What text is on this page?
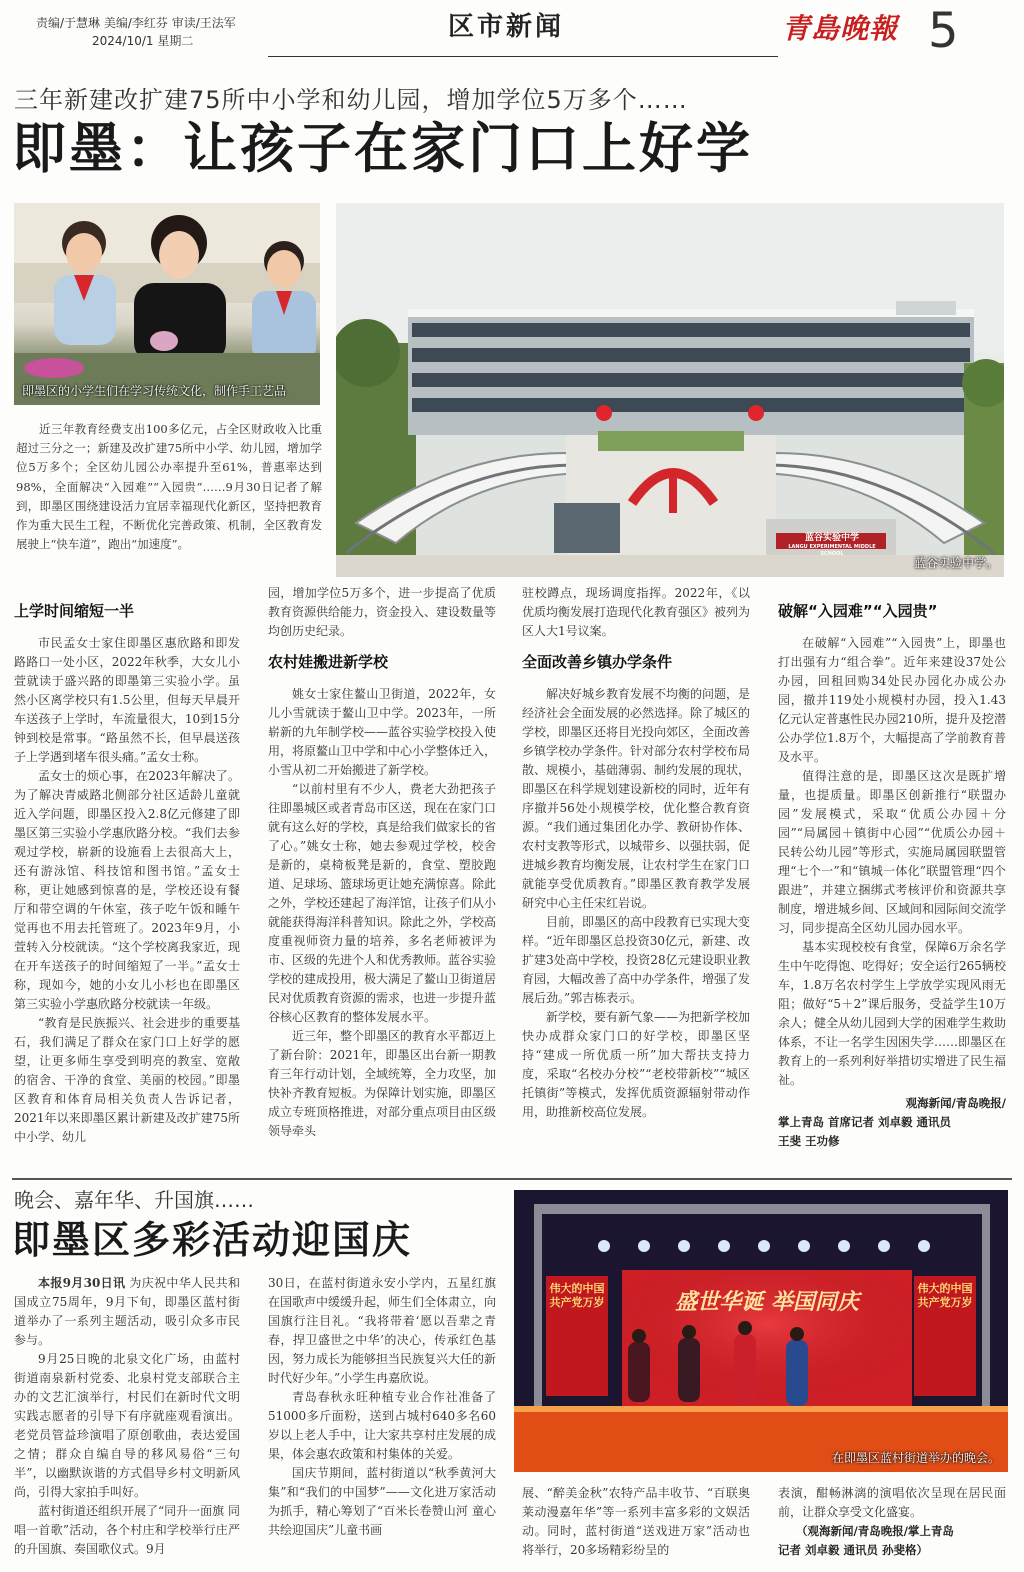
责编/于慧琳 美编/李红芬 审读/王法军
2024/10/1 星期二	区市新闻	青島晚報 5
三年新建改扩建75所中小学和幼儿园，增加学位5万多个……
即墨：让孩子在家门口上好学
即墨区的小学生们在学习传统文化，制作手工艺品
蓝谷实验中学
LANGU EXPERIMENTAL MIDDLE SCHOOL
蓝谷实验中学。
近三年教育经费支出100多亿元，占全区财政收入比重超过三分之一；新建及改扩建75所中小学、幼儿园，增加学位5万多个；全区幼儿园公办率提升至61%，普惠率达到98%，全面解决“入园难”“入园贵”……9月30日记者了解到，即墨区围绕建设活力宜居幸福现代化新区，坚持把教育作为重大民生工程，不断优化完善政策、机制，全区教育发展驶上“快车道”，跑出“加速度”。
上学时间缩短一半

市民孟女士家住即墨区惠欣路和即发路路口一处小区，2022年秋季，大女儿小萱就读于盛兴路的即墨第三实验小学。虽然小区离学校只有1.5公里，但每天早晨开车送孩子上学时，车流量很大，10到15分钟到校是常事。“路虽然不长，但早晨送孩子上学遇到堵车很头痛。”孟女士称。

孟女士的烦心事，在2023年解决了。为了解决青威路北侧部分社区适龄儿童就近入学问题，即墨区投入2.8亿元修建了即墨区第三实验小学惠欣路分校。“我们去参观过学校，崭新的设施看上去很高大上，还有游泳馆、科技馆和图书馆。”孟女士称，更让她感到惊喜的是，学校还设有餐厅和带空调的午休室，孩子吃午饭和睡午觉再也不用去托管班了。2023年9月，小萱转入分校就读。“这个学校离我家近，现在开车送孩子的时间缩短了一半。”孟女士称，现如今，她的小女儿小杉也在即墨区第三实验小学惠欣路分校就读一年级。

“教育是民族振兴、社会进步的重要基石，我们满足了群众在家门口上好学的愿望，让更多师生享受到明亮的教室、宽敞的宿舍、干净的食堂、美丽的校园。”即墨区教育和体育局相关负责人告诉记者，2021年以来即墨区累计新建及改扩建75所中小学、幼儿

园，增加学位5万多个，进一步提高了优质教育资源供给能力，资金投入、建设数量等均创历史纪录。

农村娃搬进新学校

姚女士家住鳌山卫街道，2022年，女儿小雪就读于鳌山卫中学。2023年，一所崭新的九年制学校——蓝谷实验学校投入使用，将原鳌山卫中学和中心小学整体迁入，小雪从初二开始搬进了新学校。

“以前村里有不少人，费老大劲把孩子往即墨城区或者青岛市区送，现在在家门口就有这么好的学校，真是给我们做家长的省了心。”姚女士称，她去参观过学校，校舍是新的，桌椅板凳是新的，食堂、塑胶跑道、足球场、篮球场更让她充满惊喜。除此之外，学校还建起了海洋馆，让孩子们从小就能获得海洋科普知识。除此之外，学校高度重视师资力量的培养，多名老师被评为市、区级的先进个人和优秀教师。蓝谷实验学校的建成投用，极大满足了鳌山卫街道居民对优质教育资源的需求，也进一步提升蓝谷核心区教育的整体发展水平。

近三年，整个即墨区的教育水平都迈上了新台阶：2021年，即墨区出台新一期教育三年行动计划，全域统筹，全力攻坚，加快补齐教育短板。为保障计划实施，即墨区成立专班顶格推进，对部分重点项目由区级领导牵头

驻校蹲点，现场调度指挥。2022年，《以优质均衡发展打造现代化教育强区》被列为区人大1号议案。

全面改善乡镇办学条件

解决好城乡教育发展不均衡的问题，是经济社会全面发展的必然选择。除了城区的学校，即墨区还将目光投向郊区，全面改善乡镇学校办学条件。针对部分农村学校布局散、规模小，基础薄弱、制约发展的现状，即墨区在科学规划建设新校的同时，近年有序撤并56处小规模学校，优化整合教育资源。“我们通过集团化办学、教研协作体、农村支教等形式，以城带乡、以强扶弱，促进城乡教育均衡发展，让农村学生在家门口就能享受优质教育。”即墨区教育教学发展研究中心主任宋红岩说。

目前，即墨区的高中段教育已实现大变样。“近年即墨区总投资30亿元，新建、改扩建3处高中学校，投资28亿元建设职业教育园，大幅改善了高中办学条件，增强了发展后劲。”郭吉栋表示。

新学校，要有新气象——为把新学校加快办成群众家门口的好学校，即墨区坚持“建成一所优质一所”加大帮扶支持力度，采取“名校办分校”“老校带新校”“城区托镇街”等模式，发挥优质资源辐射带动作用，助推新校高位发展。

破解“入园难”“入园贵”

在破解“入园难”“入园贵”上，即墨也打出强有力“组合拳”。近年来建设37处公办园，回租回购34处民办园化办成公办园，撤并119处小规模村办园，投入1.43亿元认定普惠性民办园210所，提升及挖潜公办学位1.8万个，大幅提高了学前教育普及水平。

值得注意的是，即墨区这次是既扩增量，也提质量。即墨区创新推行“联盟办园”发展模式，采取“优质公办园＋分园”“局属园＋镇街中心园”“优质公办园＋民转公幼儿园”等形式，实施局属园联盟管理“七个一”和“镇城一体化”联盟管理“四个跟进”，并建立捆绑式考核评价和资源共享制度，增进城乡间、区域间和园际间交流学习，同步提高全区幼儿园办园水平。

基本实现校校有食堂，保障6万余名学生中午吃得饱、吃得好；安全运行265辆校车，1.8万名农村学生上学放学实现风雨无阻；做好“5＋2”课后服务，受益学生10万余人；健全从幼儿园到大学的困难学生救助体系，不让一名学生因困失学……即墨区在教育上的一系列利好举措切实增进了民生福祉。

观海新闻/青岛晚报/
掌上青岛 首席记者 刘卓毅 通讯员
王斐 王功修
晚会、嘉年华、升国旗……
即墨区多彩活动迎国庆
盛世华诞 举国同庆
伟大的中国共产党万岁
伟大的中国共产党万岁
在即墨区蓝村街道举办的晚会。

本报9月30日讯 为庆祝中华人民共和国成立75周年，9月下旬，即墨区蓝村街道举办了一系列主题活动，吸引众多市民参与。

9月25日晚的北泉文化广场，由蓝村街道南泉新村党委、北泉村党支部联合主办的文艺汇演举行，村民们在新时代文明实践志愿者的引导下有序就座观看演出。老党员管益珍演唱了原创歌曲，表达爱国之情；群众自编自导的移风易俗“三句半”，以幽默诙谐的方式倡导乡村文明新风尚，引得大家拍手叫好。

蓝村街道还组织开展了“同升一面旗 同唱一首歌”活动，各个村庄和学校举行庄严的升国旗、奏国歌仪式。9月

30日，在蓝村街道永安小学内，五星红旗在国歌声中缓缓升起，师生们全体肃立，向国旗行注目礼。“我将带着‘愿以吾辈之青春，捍卫盛世之中华’的决心，传承红色基因，努力成长为能够担当民族复兴大任的新时代好少年。”小学生冉嘉欣说。

青岛春秋永旺种植专业合作社准备了51000多斤面粉，送到占城村640多名60岁以上老人手中，让大家共享村庄发展的成果，体会惠农政策和村集体的关爱。

国庆节期间，蓝村街道以“秋季黄河大集”和“我们的中国梦”——文化进万家活动为抓手，精心筹划了“百米长卷赞山河 童心共绘迎国庆”儿童书画

展、“醉美金秋”农特产品丰收节、“百联奥莱动漫嘉年华”等一系列丰富多彩的文娱活动。同时，蓝村街道“送戏进万家”活动也将举行，20多场精彩纷呈的

表演，酣畅淋漓的演唱依次呈现在居民面前，让群众享受文化盛宴。

（观海新闻/青岛晚报/掌上青岛
记者 刘卓毅 通讯员 孙斐格）
